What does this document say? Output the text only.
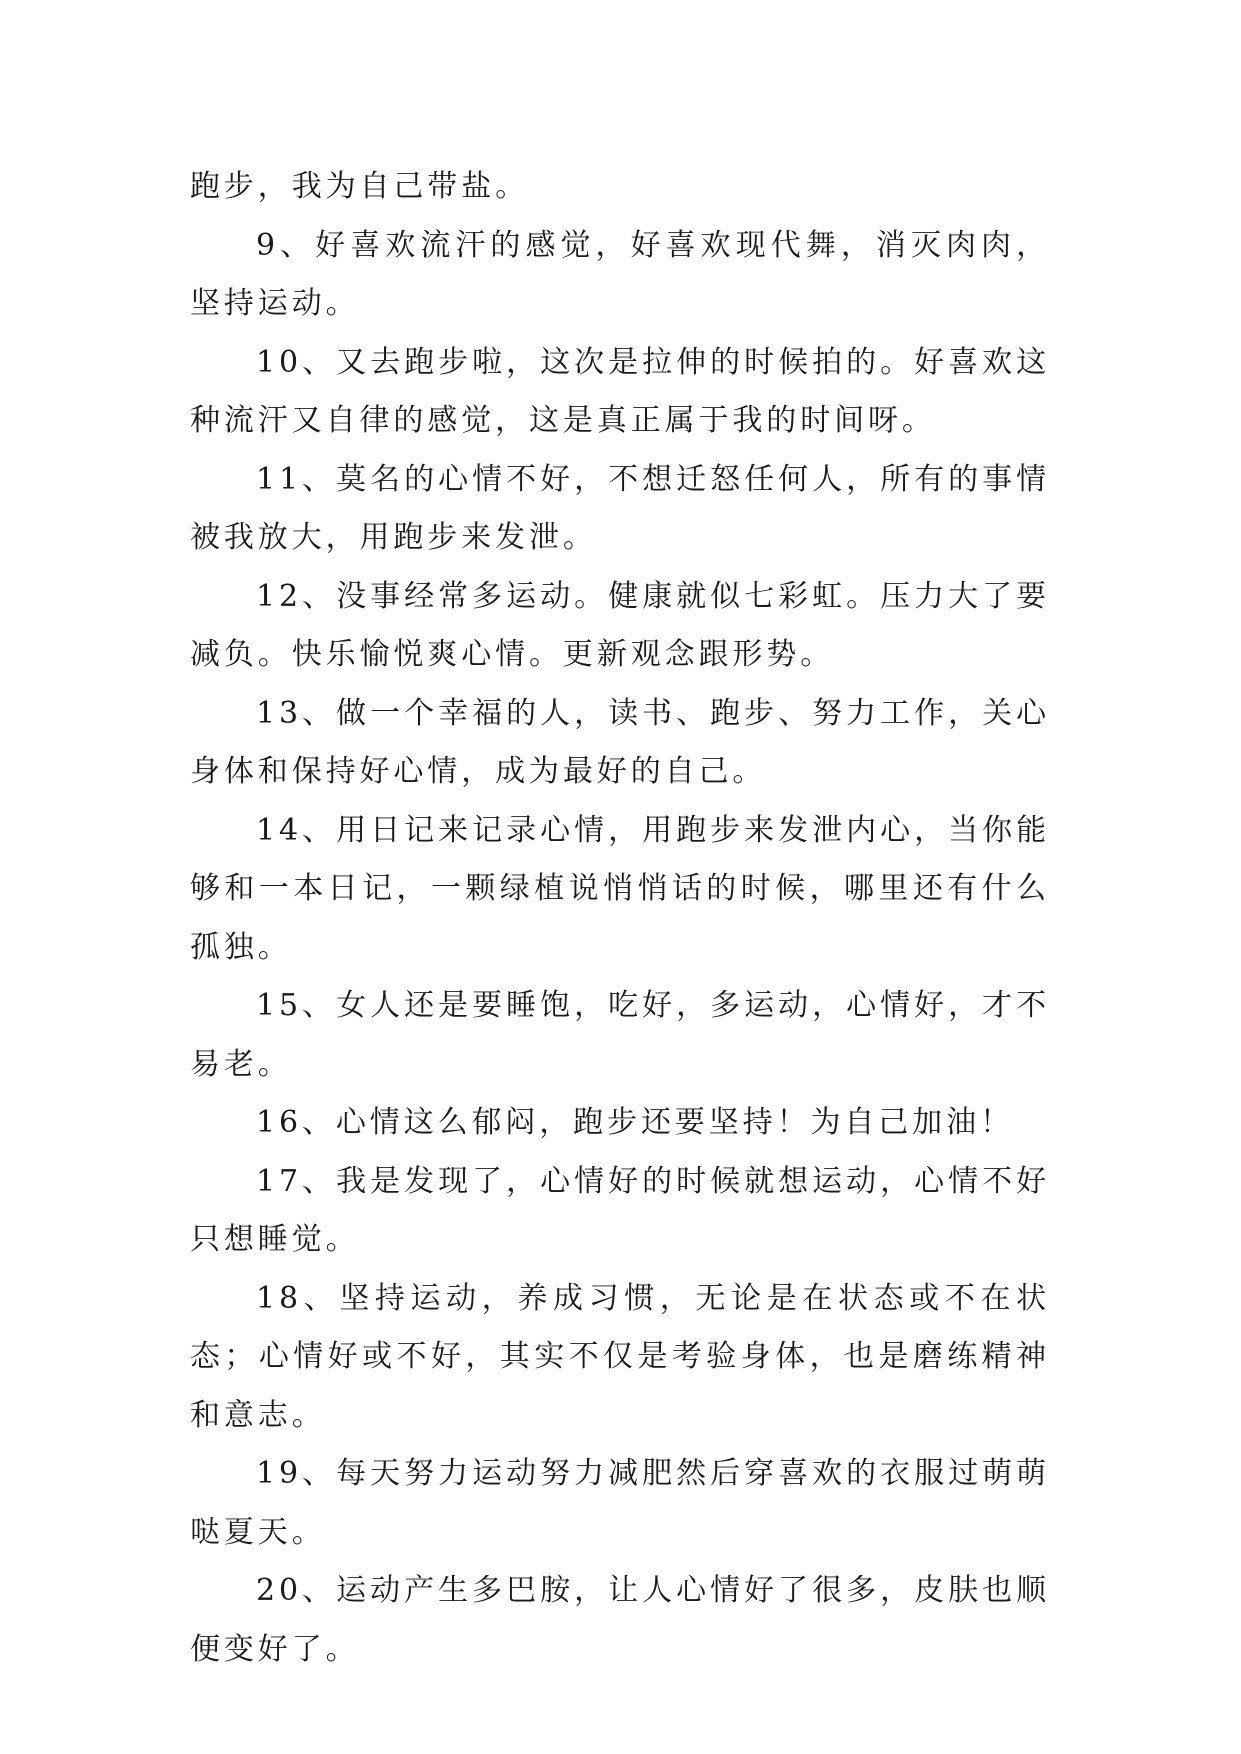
跑步，我为自己带盐。

9、好喜欢流汗的感觉，好喜欢现代舞，消灭肉肉，坚持运动。

10、又去跑步啦，这次是拉伸的时候拍的。好喜欢这种流汗又自律的感觉，这是真正属于我的时间呀。

11、莫名的心情不好，不想迁怒任何人，所有的事情被我放大，用跑步来发泄。

12、没事经常多运动。健康就似七彩虹。压力大了要减负。快乐愉悦爽心情。更新观念跟形势。

13、做一个幸福的人，读书、跑步、努力工作，关心身体和保持好心情，成为最好的自己。

14、用日记来记录心情，用跑步来发泄内心，当你能够和一本日记，一颗绿植说悄悄话的时候，哪里还有什么孤独。

15、女人还是要睡饱，吃好，多运动，心情好，才不易老。

16、心情这么郁闷，跑步还要坚持！为自己加油！

17、我是发现了，心情好的时候就想运动，心情不好只想睡觉。

18、坚持运动，养成习惯，无论是在状态或不在状态；心情好或不好，其实不仅是考验身体，也是磨练精神和意志。

19、每天努力运动努力减肥然后穿喜欢的衣服过萌萌哒夏天。

20、运动产生多巴胺，让人心情好了很多，皮肤也顺便变好了。
